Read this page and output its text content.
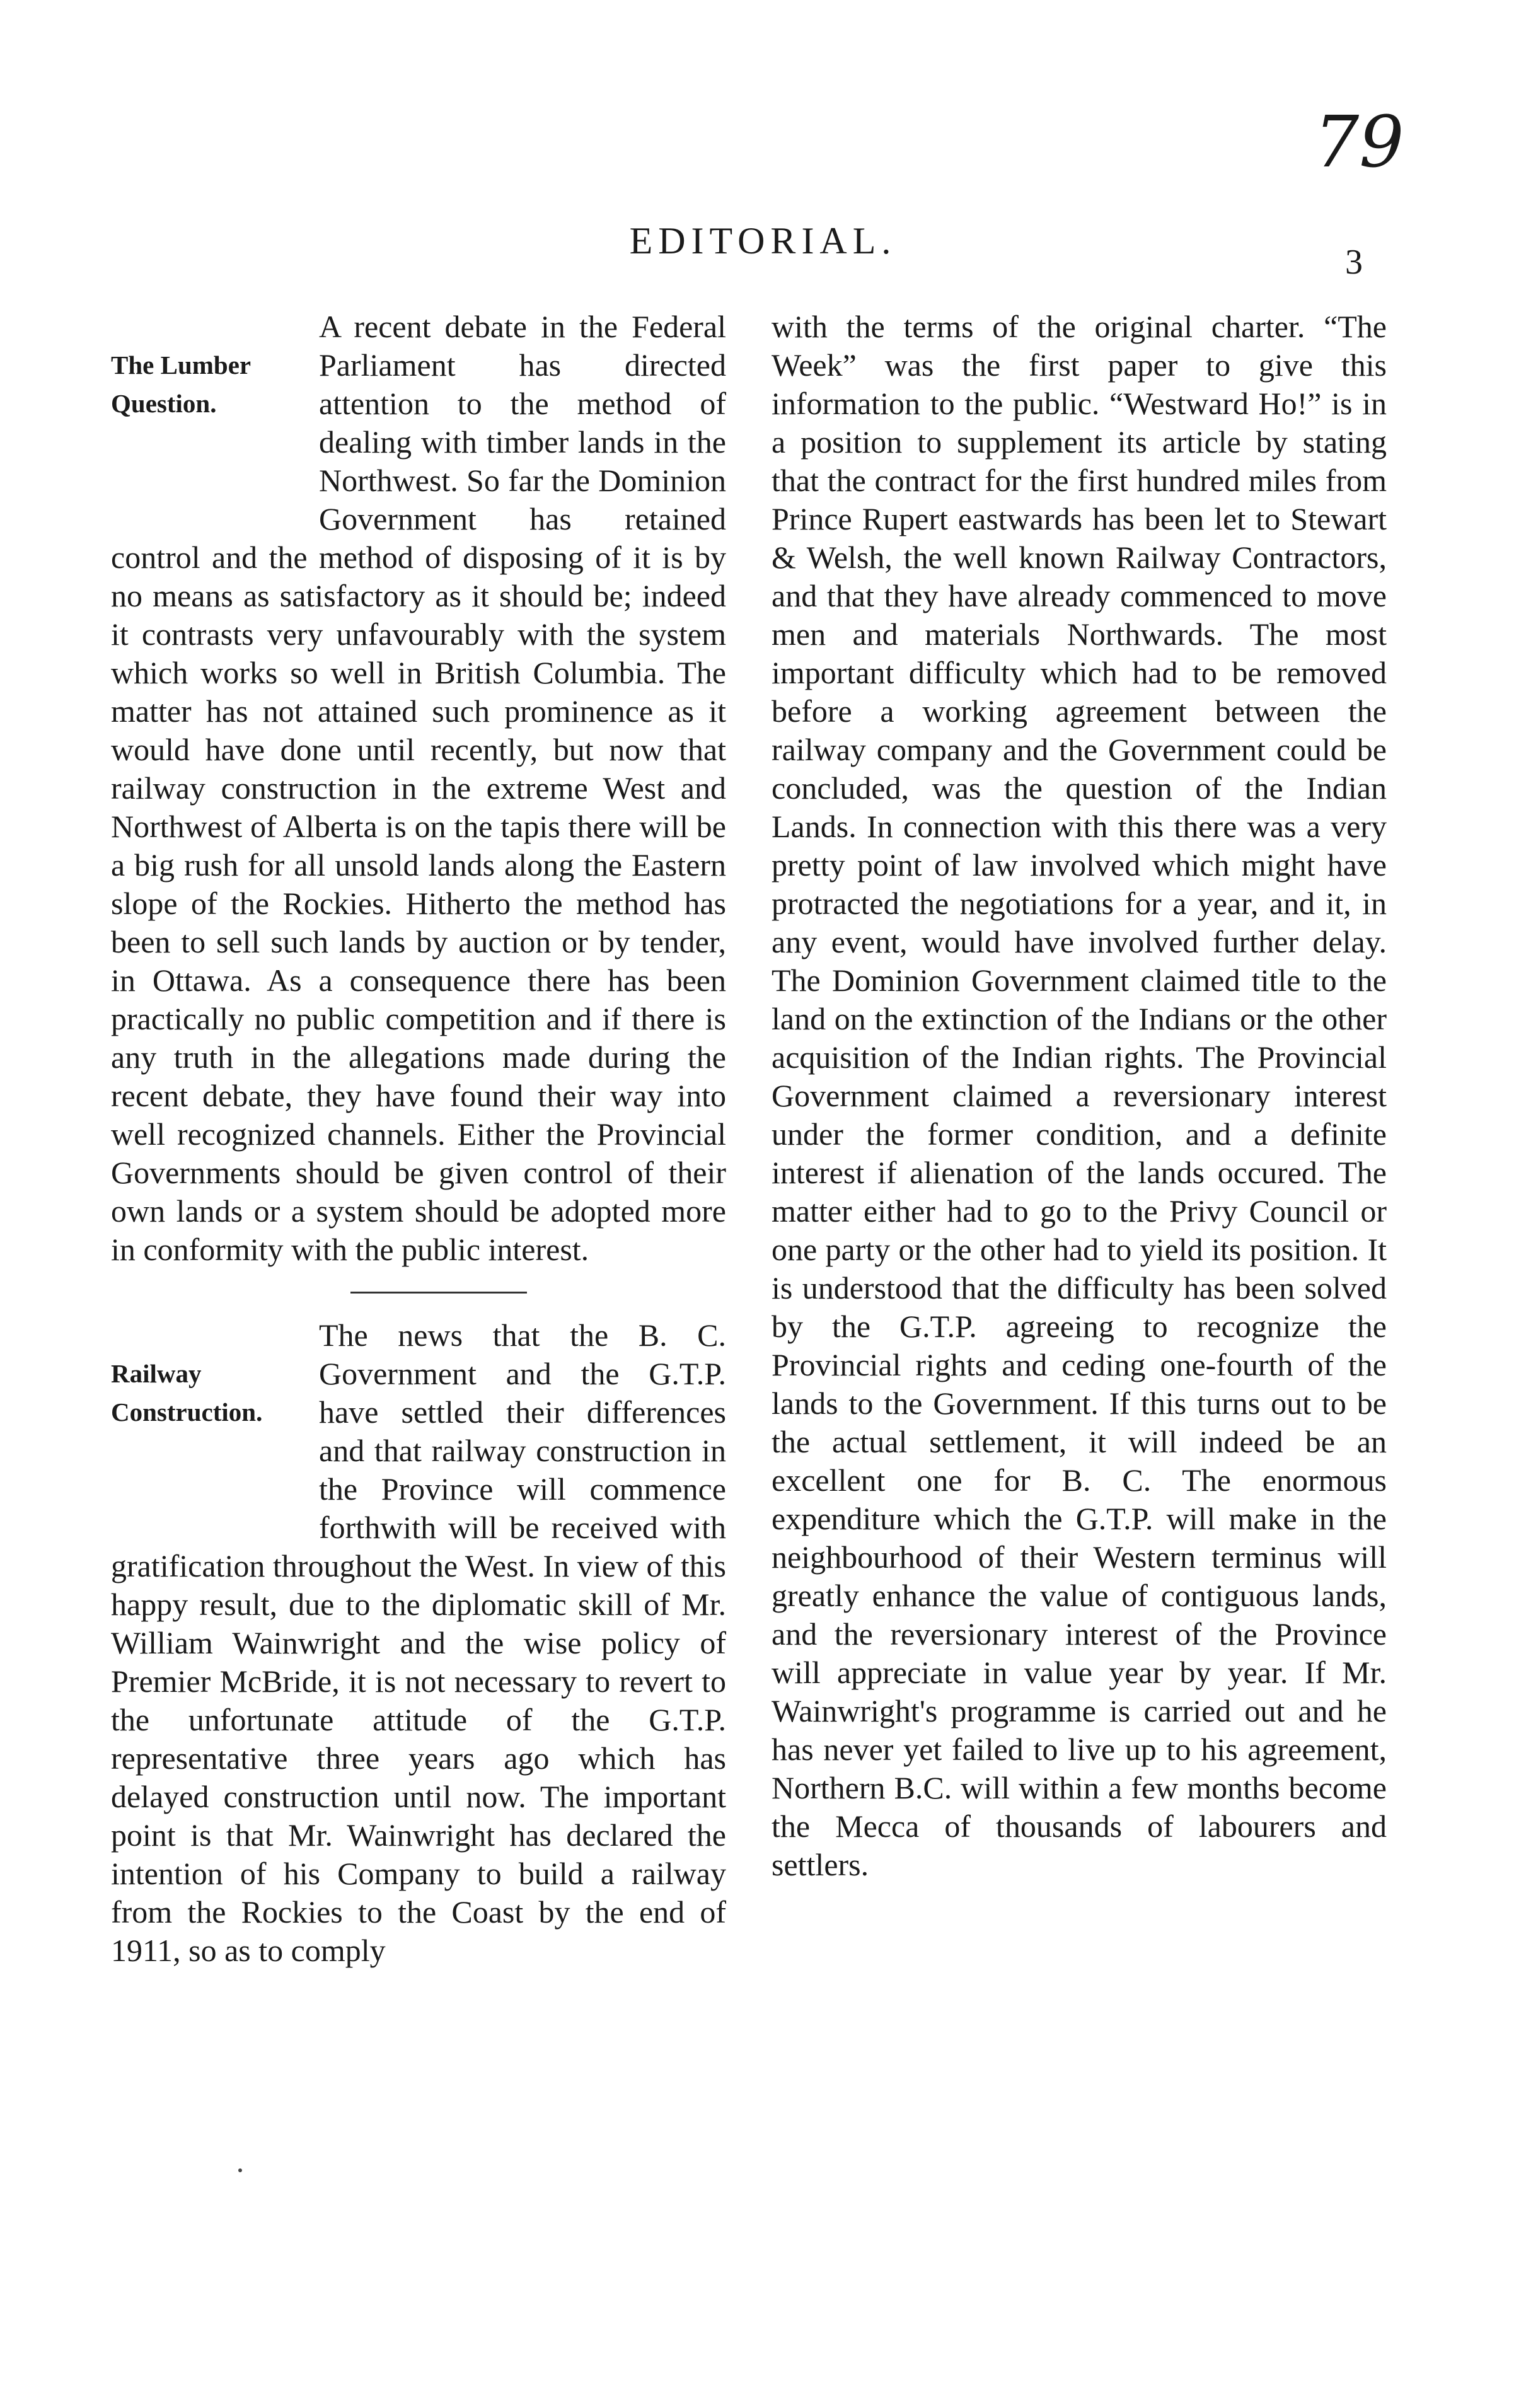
79
EDITORIAL.
3
The Lumber
Question.

A recent debate in the Federal Parliament has directed attention to the method of dealing with timber lands in the Northwest. So far the Dominion Government has retained control and the method of disposing of it is by no means as satisfactory as it should be; indeed it contrasts very unfavourably with the system which works so well in British Columbia. The matter has not attained such prominence as it would have done until recently, but now that railway construction in the extreme West and Northwest of Alberta is on the tapis there will be a big rush for all unsold lands along the Eastern slope of the Rockies. Hitherto the method has been to sell such lands by auction or by tender, in Ottawa. As a consequence there has been practically no public competition and if there is any truth in the allegations made during the recent debate, they have found their way into well recognized channels. Either the Provincial Governments should be given control of their own lands or a system should be adopted more in conformity with the public interest.

Railway
Construction.

The news that the B. C. Government and the G.T.P. have settled their differences and that railway construction in the Province will commence forthwith will be received with gratification throughout the West. In view of this happy result, due to the diplomatic skill of Mr. William Wainwright and the wise policy of Premier McBride, it is not necessary to revert to the unfortunate attitude of the G.T.P. representative three years ago which has delayed construction until now. The important point is that Mr. Wainwright has declared the intention of his Company to build a railway from the Rockies to the Coast by the end of 1911, so as to comply

with the terms of the original charter. “The Week” was the first paper to give this information to the public. “Westward Ho!” is in a position to supplement its article by stating that the contract for the first hundred miles from Prince Rupert eastwards has been let to Stewart & Welsh, the well known Railway Contractors, and that they have already commenced to move men and materials Northwards. The most important difficulty which had to be removed before a working agreement between the railway company and the Government could be concluded, was the question of the Indian Lands. In connection with this there was a very pretty point of law involved which might have protracted the negotiations for a year, and it, in any event, would have involved further delay. The Dominion Government claimed title to the land on the extinction of the Indians or the other acquisition of the Indian rights. The Provincial Government claimed a reversionary interest under the former condition, and a definite interest if alienation of the lands occured. The matter either had to go to the Privy Council or one party or the other had to yield its position. It is understood that the difficulty has been solved by the G.T.P. agreeing to recognize the Provincial rights and ceding one-fourth of the lands to the Government. If this turns out to be the actual settlement, it will indeed be an excellent one for B. C. The enormous expenditure which the G.T.P. will make in the neighbourhood of their Western terminus will greatly enhance the value of contiguous lands, and the reversionary interest of the Province will appreciate in value year by year. If Mr. Wainwright's programme is carried out and he has never yet failed to live up to his agreement, Northern B.C. will within a few months become the Mecca of thousands of labourers and settlers.
